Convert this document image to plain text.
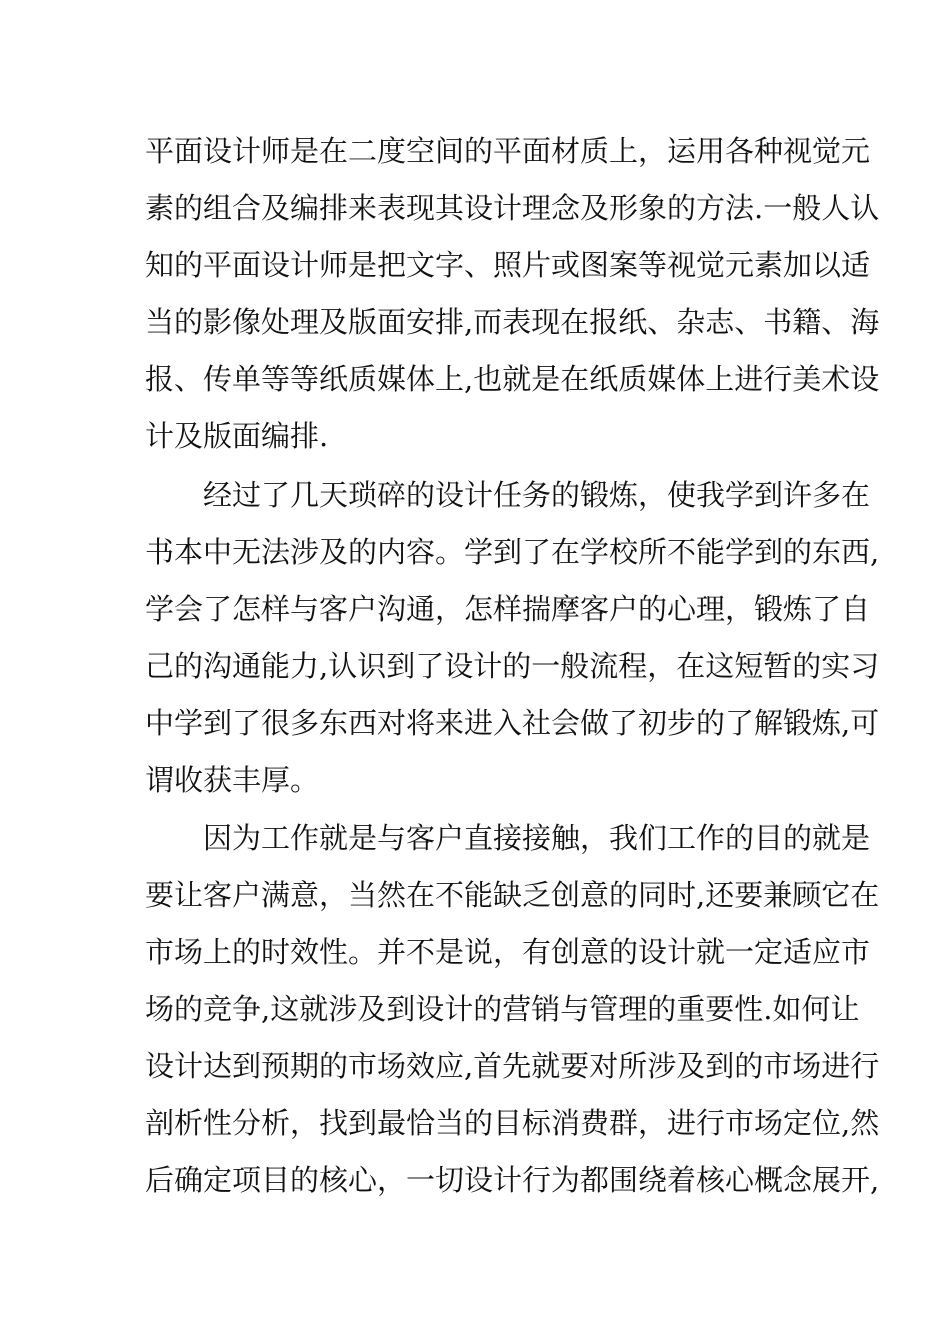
平面设计师是在二度空间的平面材质上，运用各种视觉元
素的组合及编排来表现其设计理念及形象的方法.一般人认
知的平面设计师是把文字、照片或图案等视觉元素加以适
当的影像处理及版面安排,而表现在报纸、杂志、书籍、海
报、传单等等纸质媒体上,也就是在纸质媒体上进行美术设
计及版面编排.
经过了几天琐碎的设计任务的锻炼，使我学到许多在
书本中无法涉及的内容。学到了在学校所不能学到的东西,
学会了怎样与客户沟通，怎样揣摩客户的心理，锻炼了自
己的沟通能力,认识到了设计的一般流程，在这短暂的实习
中学到了很多东西对将来进入社会做了初步的了解锻炼,可
谓收获丰厚。
因为工作就是与客户直接接触，我们工作的目的就是
要让客户满意，当然在不能缺乏创意的同时,还要兼顾它在
市场上的时效性。并不是说，有创意的设计就一定适应市
场的竞争,这就涉及到设计的营销与管理的重要性.如何让
设计达到预期的市场效应,首先就要对所涉及到的市场进行
剖析性分析，找到最恰当的目标消费群，进行市场定位,然
后确定项目的核心，一切设计行为都围绕着核心概念展开,
